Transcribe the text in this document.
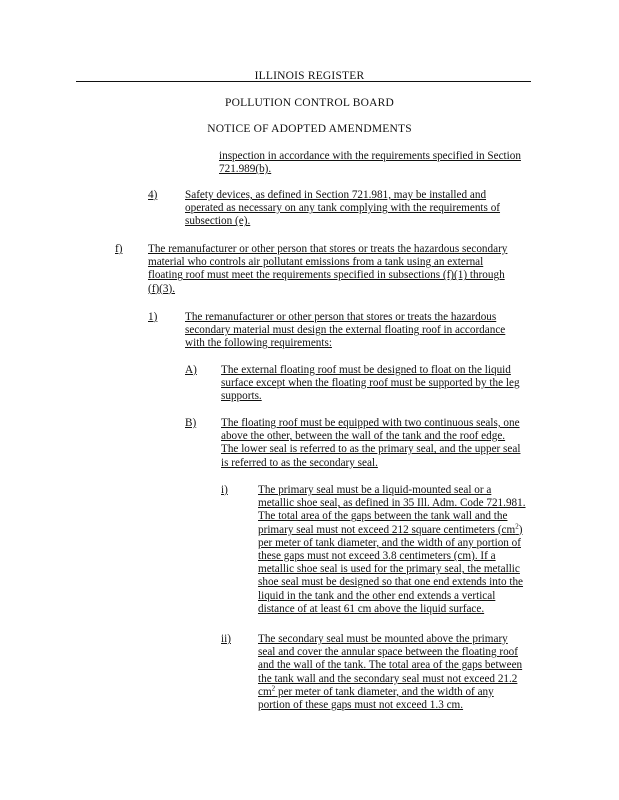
ILLINOIS REGISTER
POLLUTION CONTROL BOARD
NOTICE OF ADOPTED AMENDMENTS
inspection in accordance with the requirements specified in Section
721.989(b).
4) Safety devices, as defined in Section 721.981, may be installed and
operated as necessary on any tank complying with the requirements of
subsection (e).
f) The remanufacturer or other person that stores or treats the hazardous secondary
material who controls air pollutant emissions from a tank using an external
floating roof must meet the requirements specified in subsections (f)(1) through
(f)(3).
1) The remanufacturer or other person that stores or treats the hazardous
secondary material must design the external floating roof in accordance
with the following requirements:
A) The external floating roof must be designed to float on the liquid
surface except when the floating roof must be supported by the leg
supports.
B) The floating roof must be equipped with two continuous seals, one
above the other, between the wall of the tank and the roof edge.
The lower seal is referred to as the primary seal, and the upper seal
is referred to as the secondary seal.
i)	The primary seal must be a liquid-mounted seal or a
metallic shoe seal, as defined in 35 Ill. Adm. Code 721.981.
The total area of the gaps between the tank wall and the
primary seal must not exceed 212 square centimeters $(cm^2)$
per meter of tank diameter, and the width of any portion of
these gaps must not exceed 3.8 centimeters (cm). If a
metallic shoe seal is used for the primary seal, the metallic
shoe seal must be designed so that one end extends into the
liquid in the tank and the other end extends a vertical
distance of at least 61 cm above the liquid surface.
ii) The secondary seal must be mounted above the primary
seal and cover the annular space between the floating roof
and the wall of the tank. The total area of the gaps between
the tank wall and the secondary seal must not exceed 21.2
$cm^2$ per meter of tank diameter, and the width of any
portion of these gaps must not exceed 1.3 cm.
